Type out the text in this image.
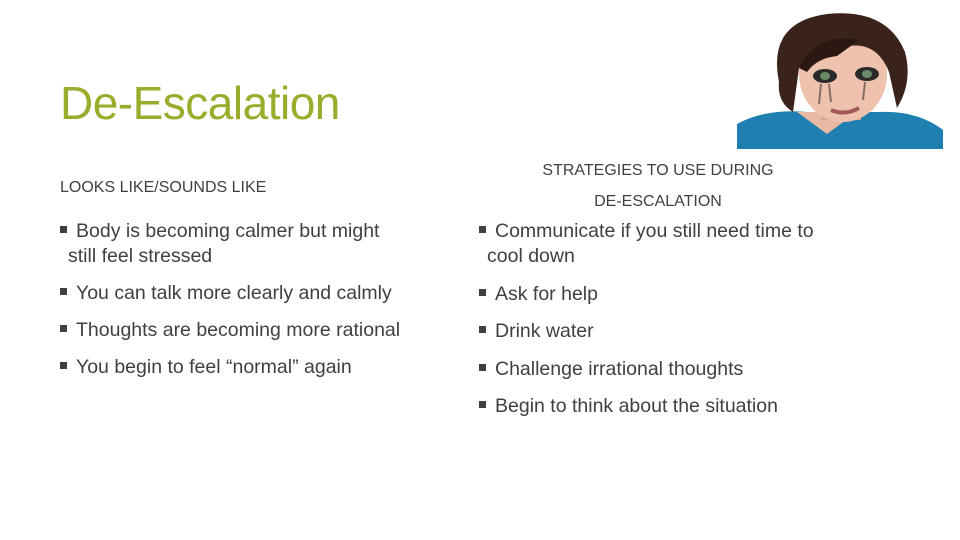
De-Escalation
LOOKS LIKE/SOUNDS LIKE
STRATEGIES TO USE DURING
DE-ESCALATION
Body is becoming calmer but might still feel stressed
You can talk more clearly and calmly
Thoughts are becoming more rational
You begin to feel “normal” again
Communicate if you still need time to cool down
Ask for help
Drink water
Challenge irrational thoughts
Begin to think about the situation
